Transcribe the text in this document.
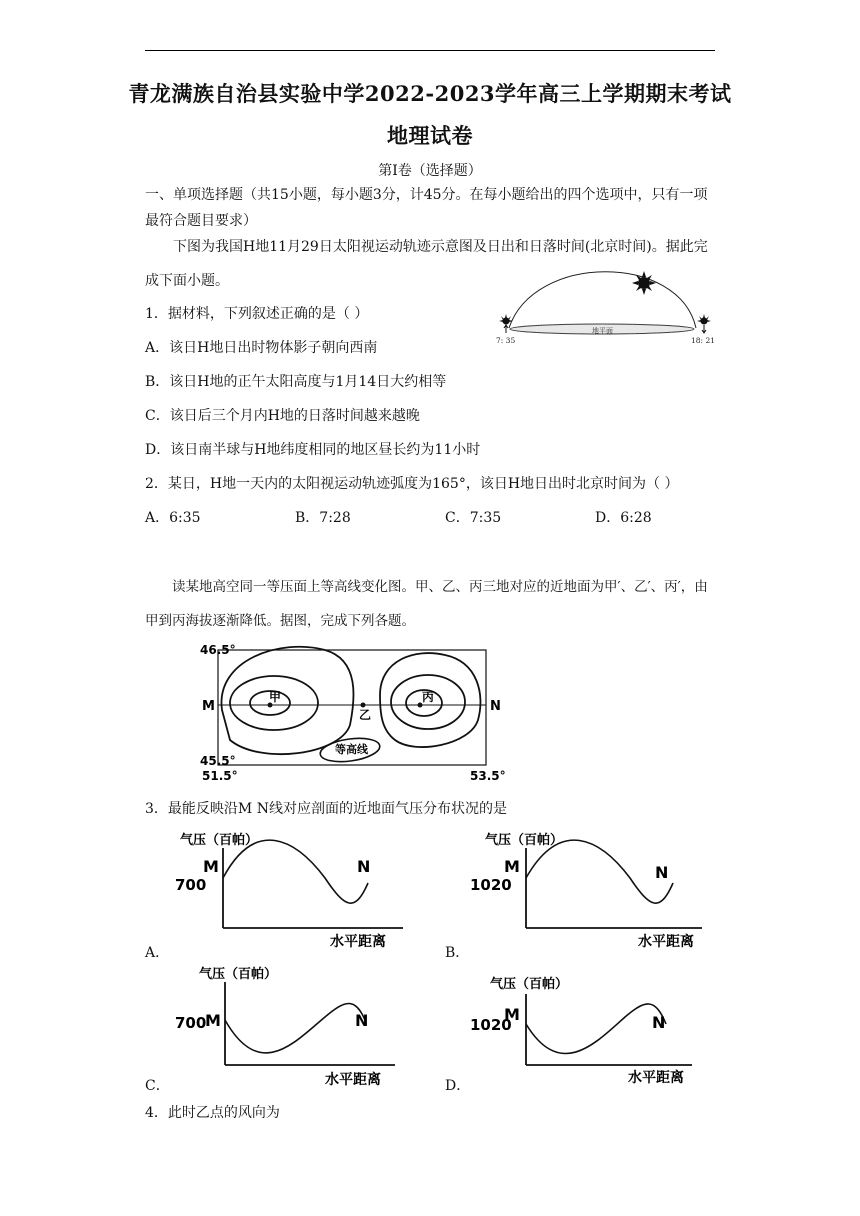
青龙满族自治县实验中学2022-2023学年高三上学期期末考试
地理试卷
第I卷（选择题）
一、单项选择题（共15小题，每小题3分，计45分。在每小题给出的四个选项中，只有一项最符合题目要求）
下图为我国H地11月29日太阳视运动轨迹示意图及日出和日落时间(北京时间)。据此完成下面小题。
地平面
7: 35	18: 21
1．据材料，下列叙述正确的是（ ）
A．该日H地日出时物体影子朝向西南
B．该日H地的正午太阳高度与1月14日大约相等
C．该日后三个月内H地的日落时间越来越晚
D．该日南半球与H地纬度相同的地区昼长约为11小时
2．某日，H地一天内的太阳视运动轨迹弧度为165°，该日H地日出时北京时间为（ ）
A．6:35	B．7:28	C．7:35	D．6:28
读某地高空同一等压面上等高线变化图。甲、乙、丙三地对应的近地面为甲′、乙′、丙′，由甲到丙海拔逐渐降低。据图，完成下列各题。
46.5°
45.5°
51.5°	53.5°
M	N
甲
乙
丙
等高线
3．最能反映沿M N线对应剖面的近地面气压分布状况的是
气压（百帕）
M	N
700
水平距离
A．
气压（百帕）
M	N
1020
水平距离
B．
气压（百帕）
M	N
700
水平距离
C．
气压（百帕）
M	N
1020
水平距离
D．
4．此时乙点的风向为
